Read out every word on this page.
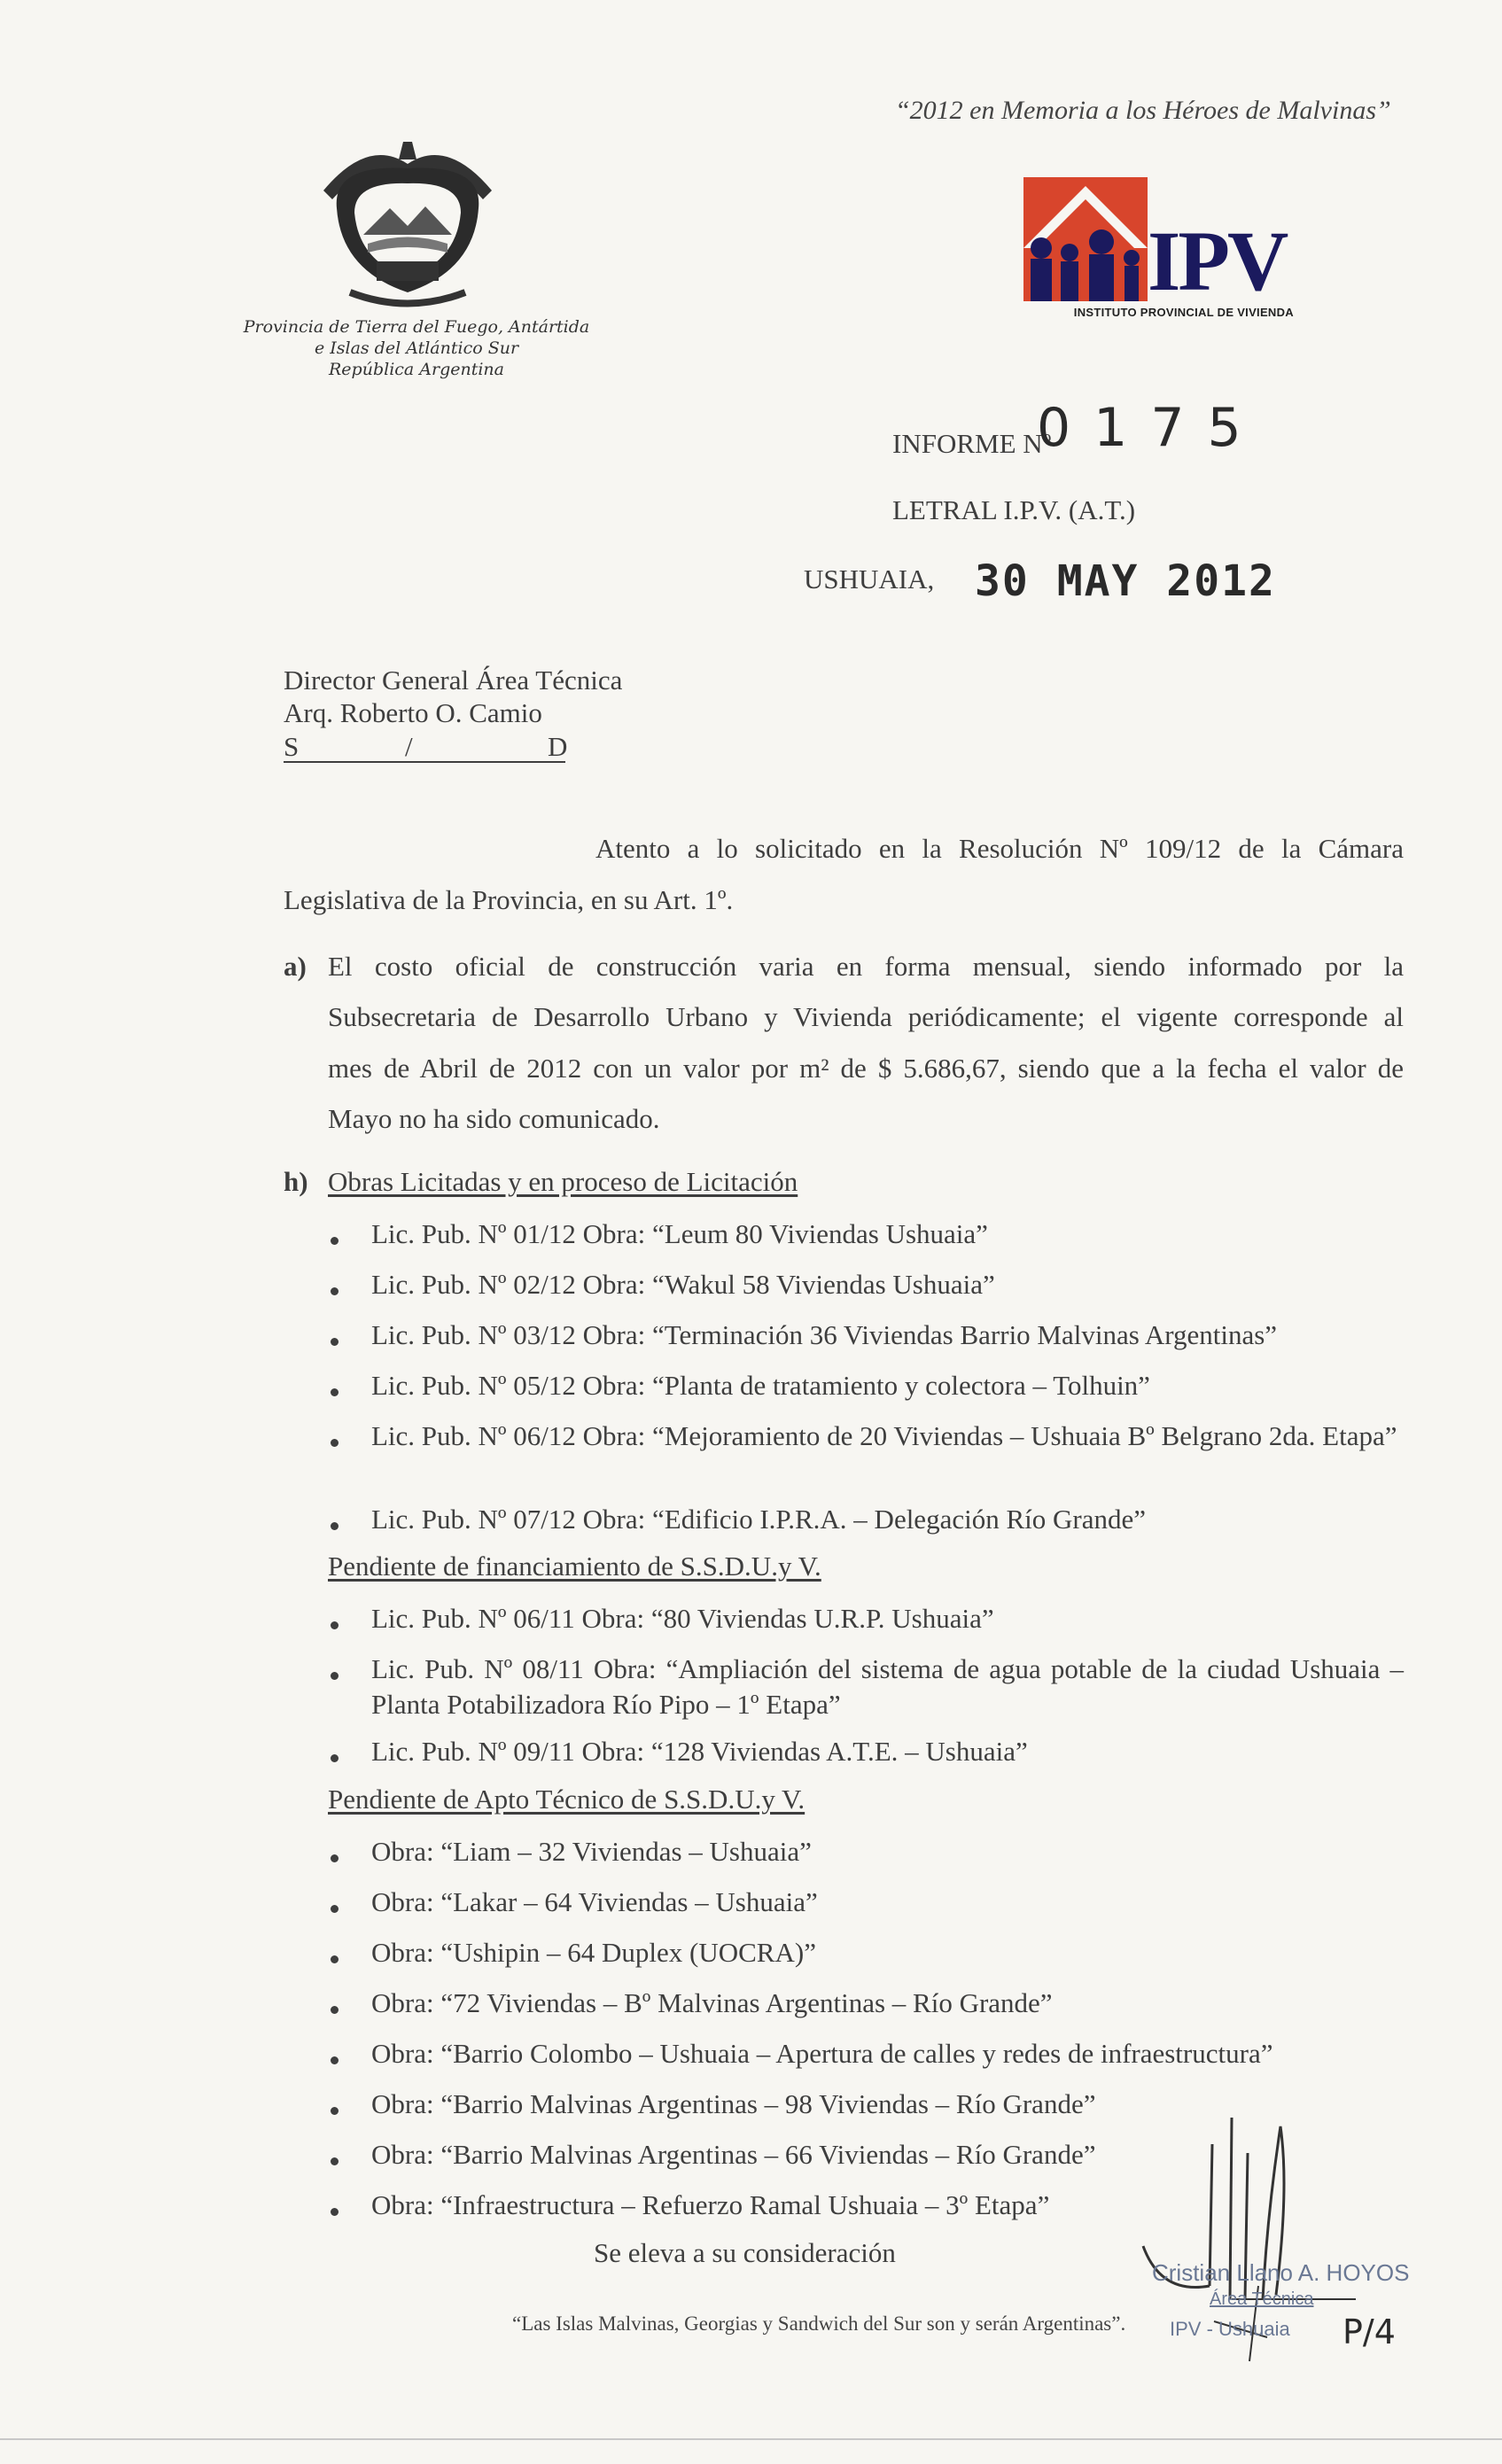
“2012 en Memoria a los Héroes de Malvinas”
Provincia de Tierra del Fuego, Antártida
e Islas del Atlántico Sur
República Argentina
IPV
INSTITUTO PROVINCIAL DE VIVIENDA
INFORME Nº
0175
LETRAL I.P.V. (A.T.)
USHUAIA, 30 MAY 2012
Director General Área Técnica
Arq. Roberto O. Camio
S	/	D
Atento a lo solicitado en la Resolución Nº 109/12 de la Cámara
Legislativa de la Provincia, en su Art. 1º.
a) El costo oficial de construcción varia en forma mensual, siendo informado por la
Subsecretaria de Desarrollo Urbano y Vivienda periódicamente; el vigente corresponde al
mes de Abril de 2012 con un valor por m² de $ 5.686,67, siendo que a la fecha el valor de
Mayo no ha sido comunicado.
h) Obras Licitadas y en proceso de Licitación
Lic. Pub. Nº 01/12 Obra: “Leum 80 Viviendas Ushuaia”
Lic. Pub. Nº 02/12 Obra: “Wakul 58 Viviendas Ushuaia”
Lic. Pub. Nº 03/12 Obra: “Terminación 36 Viviendas Barrio Malvinas Argentinas”
Lic. Pub. Nº 05/12 Obra: “Planta de tratamiento y colectora – Tolhuin”
Lic. Pub. Nº 06/12 Obra: “Mejoramiento de 20 Viviendas – Ushuaia Bº Belgrano 2da. Etapa”
Lic. Pub. Nº 07/12 Obra: “Edificio I.P.R.A. – Delegación Río Grande”
Pendiente de financiamiento de S.S.D.U.y V.
Lic. Pub. Nº 06/11 Obra: “80 Viviendas U.R.P. Ushuaia”
Lic. Pub. Nº 08/11 Obra: “Ampliación del sistema de agua potable de la ciudad Ushuaia – Planta Potabilizadora Río Pipo – 1º Etapa”
Lic. Pub. Nº 09/11 Obra: “128 Viviendas A.T.E. – Ushuaia”
Pendiente de Apto Técnico de S.S.D.U.y V.
Obra: “Liam – 32 Viviendas – Ushuaia”
Obra: “Lakar – 64 Viviendas – Ushuaia”
Obra: “Ushipin – 64 Duplex (UOCRA)”
Obra: “72 Viviendas – Bº Malvinas Argentinas – Río Grande”
Obra: “Barrio Colombo – Ushuaia – Apertura de calles y redes de infraestructura”
Obra: “Barrio Malvinas Argentinas – 98 Viviendas – Río Grande”
Obra: “Barrio Malvinas Argentinas – 66 Viviendas – Río Grande”
Obra: “Infraestructura – Refuerzo Ramal Ushuaia – 3º Etapa”
Se eleva a su consideración
Cristian Llano A. HOYOS
Área Técnica
IPV - Ushuaia P/4
“Las Islas Malvinas, Georgias y Sandwich del Sur son y serán Argentinas”.
